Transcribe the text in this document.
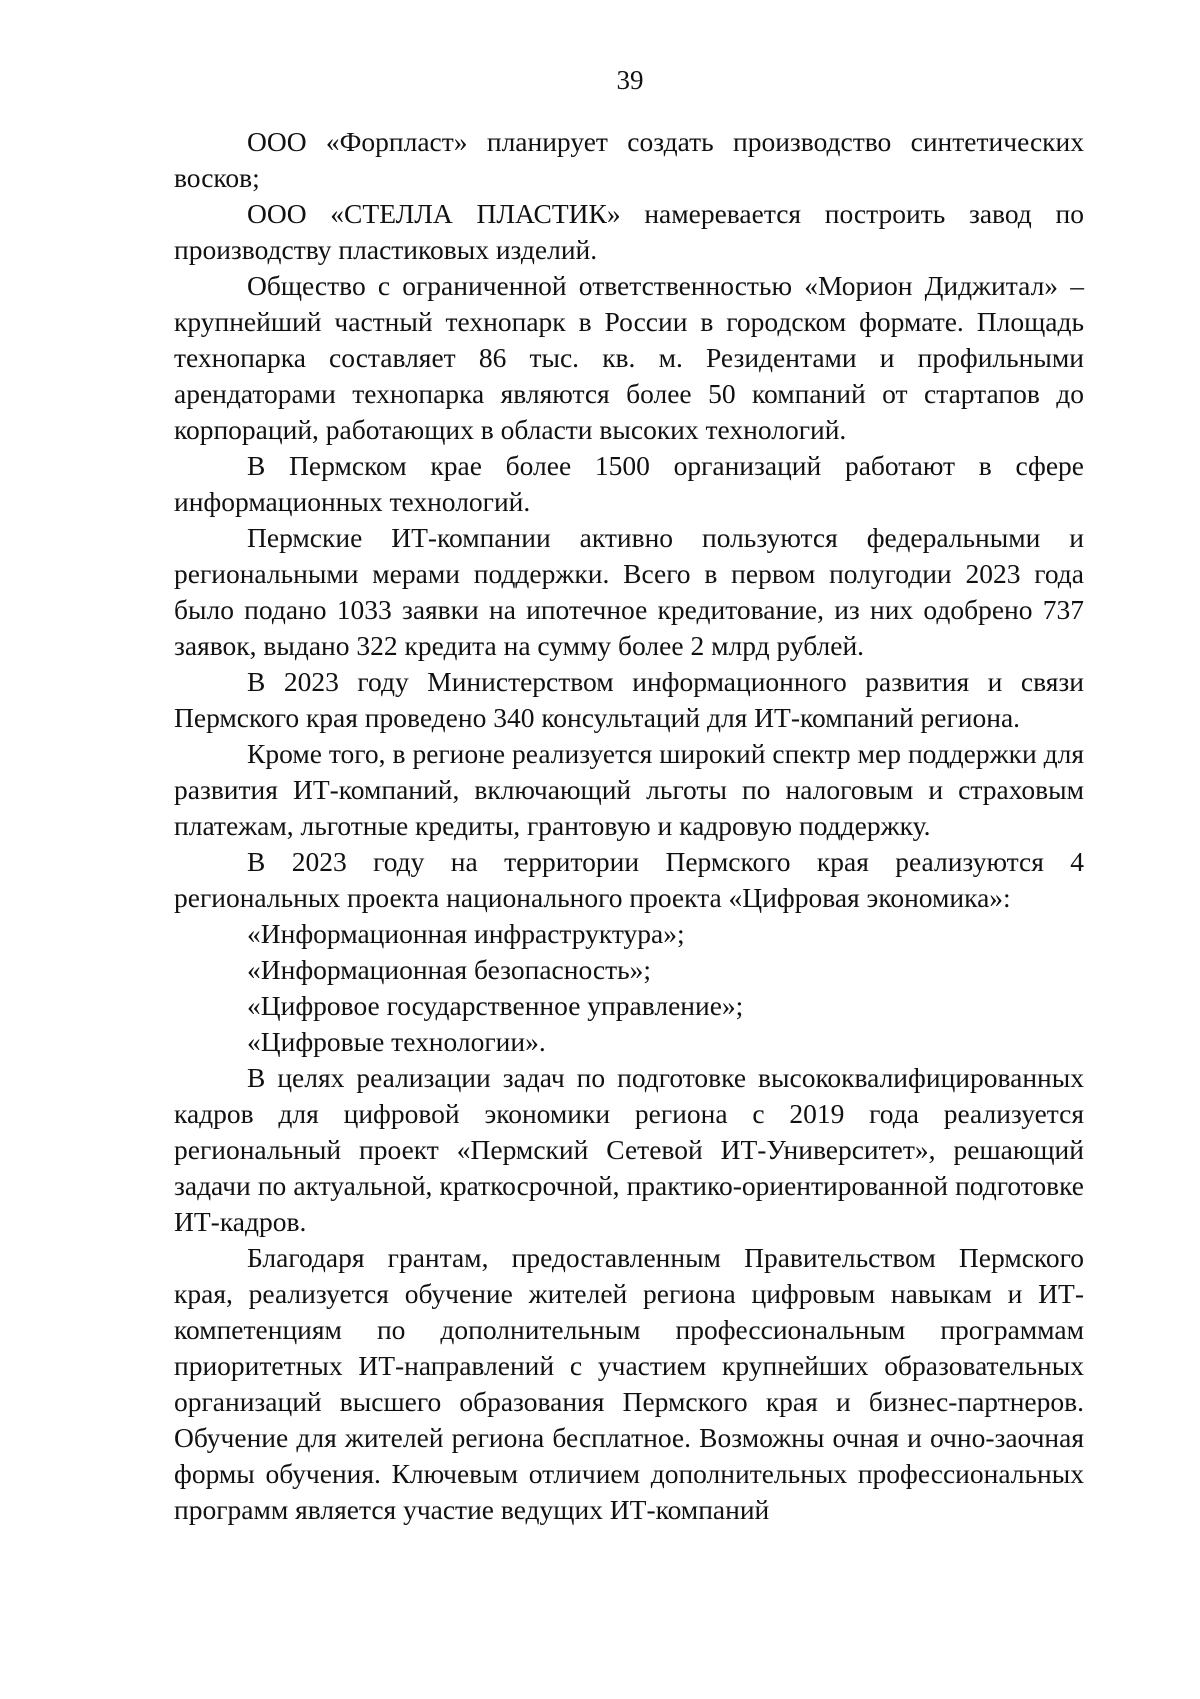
39

ООО «Форпласт» планирует создать производство синтетических восков;

ООО «СТЕЛЛА ПЛАСТИК» намеревается построить завод по производству пластиковых изделий.

Общество с ограниченной ответственностью «Морион Диджитал» – крупнейший частный технопарк в России в городском формате. Площадь технопарка составляет 86 тыс. кв. м. Резидентами и профильными арендаторами технопарка являются более 50 компаний от стартапов до корпораций, работающих в области высоких технологий.

В Пермском крае более 1500 организаций работают в сфере информационных технологий.

Пермские ИТ-компании активно пользуются федеральными и региональными мерами поддержки. Всего в первом полугодии 2023 года было подано 1033 заявки на ипотечное кредитование, из них одобрено 737 заявок, выдано 322 кредита на сумму более 2 млрд рублей.

В 2023 году Министерством информационного развития и связи Пермского края проведено 340 консультаций для ИТ-компаний региона.

Кроме того, в регионе реализуется широкий спектр мер поддержки для развития ИТ-компаний, включающий льготы по налоговым и страховым платежам, льготные кредиты, грантовую и кадровую поддержку.

В 2023 году на территории Пермского края реализуются 4 региональных проекта национального проекта «Цифровая экономика»:

«Информационная инфраструктура»;

«Информационная безопасность»;

«Цифровое государственное управление»;

«Цифровые технологии».

В целях реализации задач по подготовке высококвалифицированных кадров для цифровой экономики региона с 2019 года реализуется региональный проект «Пермский Сетевой ИТ-Университет», решающий задачи по актуальной, краткосрочной, практико-ориентированной подготовке ИТ-кадров.

Благодаря грантам, предоставленным Правительством Пермского края, реализуется обучение жителей региона цифровым навыкам и ИТ-компетенциям по дополнительным профессиональным программам приоритетных ИТ-направлений с участием крупнейших образовательных организаций высшего образования Пермского края и бизнес-партнеров. Обучение для жителей региона бесплатное. Возможны очная и очно-заочная формы обучения. Ключевым отличием дополнительных профессиональных программ является участие ведущих ИТ-компаний
